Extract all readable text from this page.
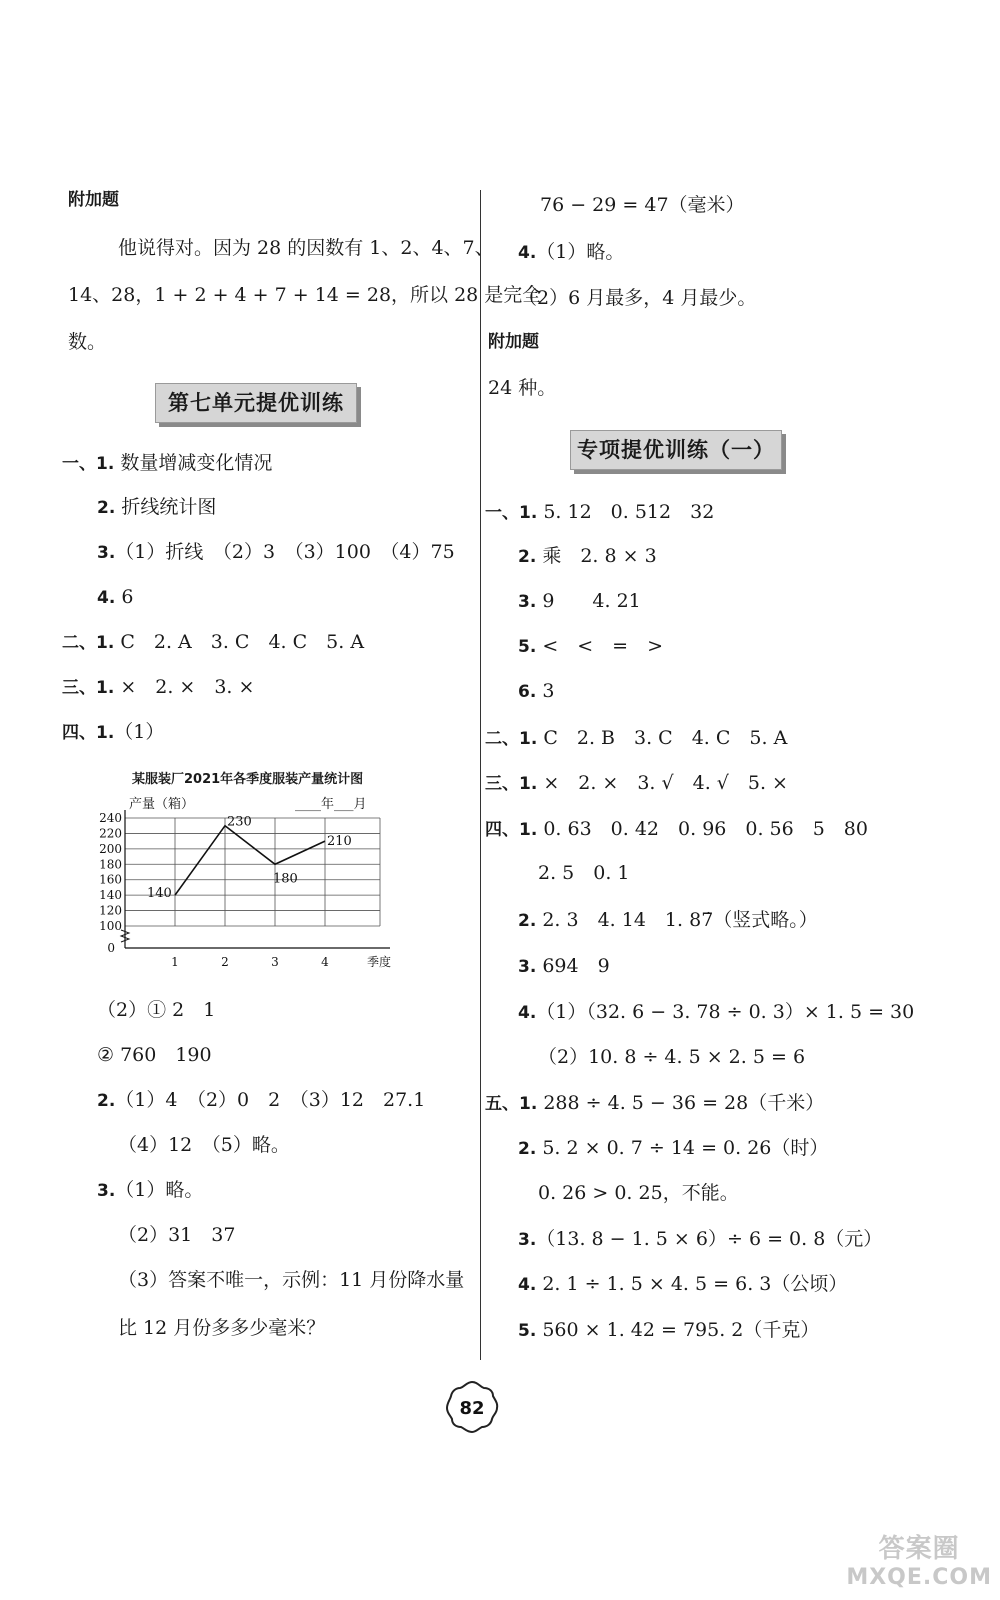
附加题
他说得对。因为 28 的因数有 1、2、4、7、
14、28，1 + 2 + 4 + 7 + 14 = 28，所以 28 是完全
数。
第七单元提优训练
一、1. 数量增减变化情况
2. 折线统计图
3.（1）折线　（2）3　（3）100　（4）75
4. 6
二、1. C　2. A　3. C　4. C　5. A
三、1. ×　2. ×　3. ×
四、1.（1）
某服装厂2021年各季度服装产量统计图
100
120
140
160
180
200
220
240
0
产量（箱）	____年___月
1	2	3	4	季度
140
230
180
210
（2）① 2　1
② 760　190
2.（1）4　（2）0　2　（3）12　27.1
（4）12　（5）略。
3.（1）略。
（2）31　37
（3）答案不唯一，示例：11 月份降水量
比 12 月份多多少毫米？
76 − 29 = 47（毫米）
4.（1）略。
（2）6 月最多，4 月最少。
附加题
24 种。
专项提优训练（一）
一、1. 5. 12　0. 512　32
2. 乘　2. 8 × 3
3. 9　　4. 21
5. <　<　=　>
6. 3
二、1. C　2. B　3. C　4. C　5. A
三、1. ×　2. ×　3. √　4. √　5. ×
四、1. 0. 63　0. 42　0. 96　0. 56　5　80
2. 5　0. 1
2. 2. 3　4. 14　1. 87̇（竖式略。）
3. 694　9
4.（1）（32. 6 − 3. 78 ÷ 0. 3）× 1. 5 = 30
（2）10. 8 ÷ 4. 5 × 2. 5 = 6
五、1. 288 ÷ 4. 5 − 36 = 28（千米）
2. 5. 2 × 0. 7 ÷ 14 = 0. 26（时）
0. 26 > 0. 25，不能。
3.（13. 8 − 1. 5 × 6）÷ 6 = 0. 8（元）
4. 2. 1 ÷ 1. 5 × 4. 5 = 6. 3（公顷）
5. 560 × 1. 42 = 795. 2（千克）
82
答案圈
MXQE.COM
